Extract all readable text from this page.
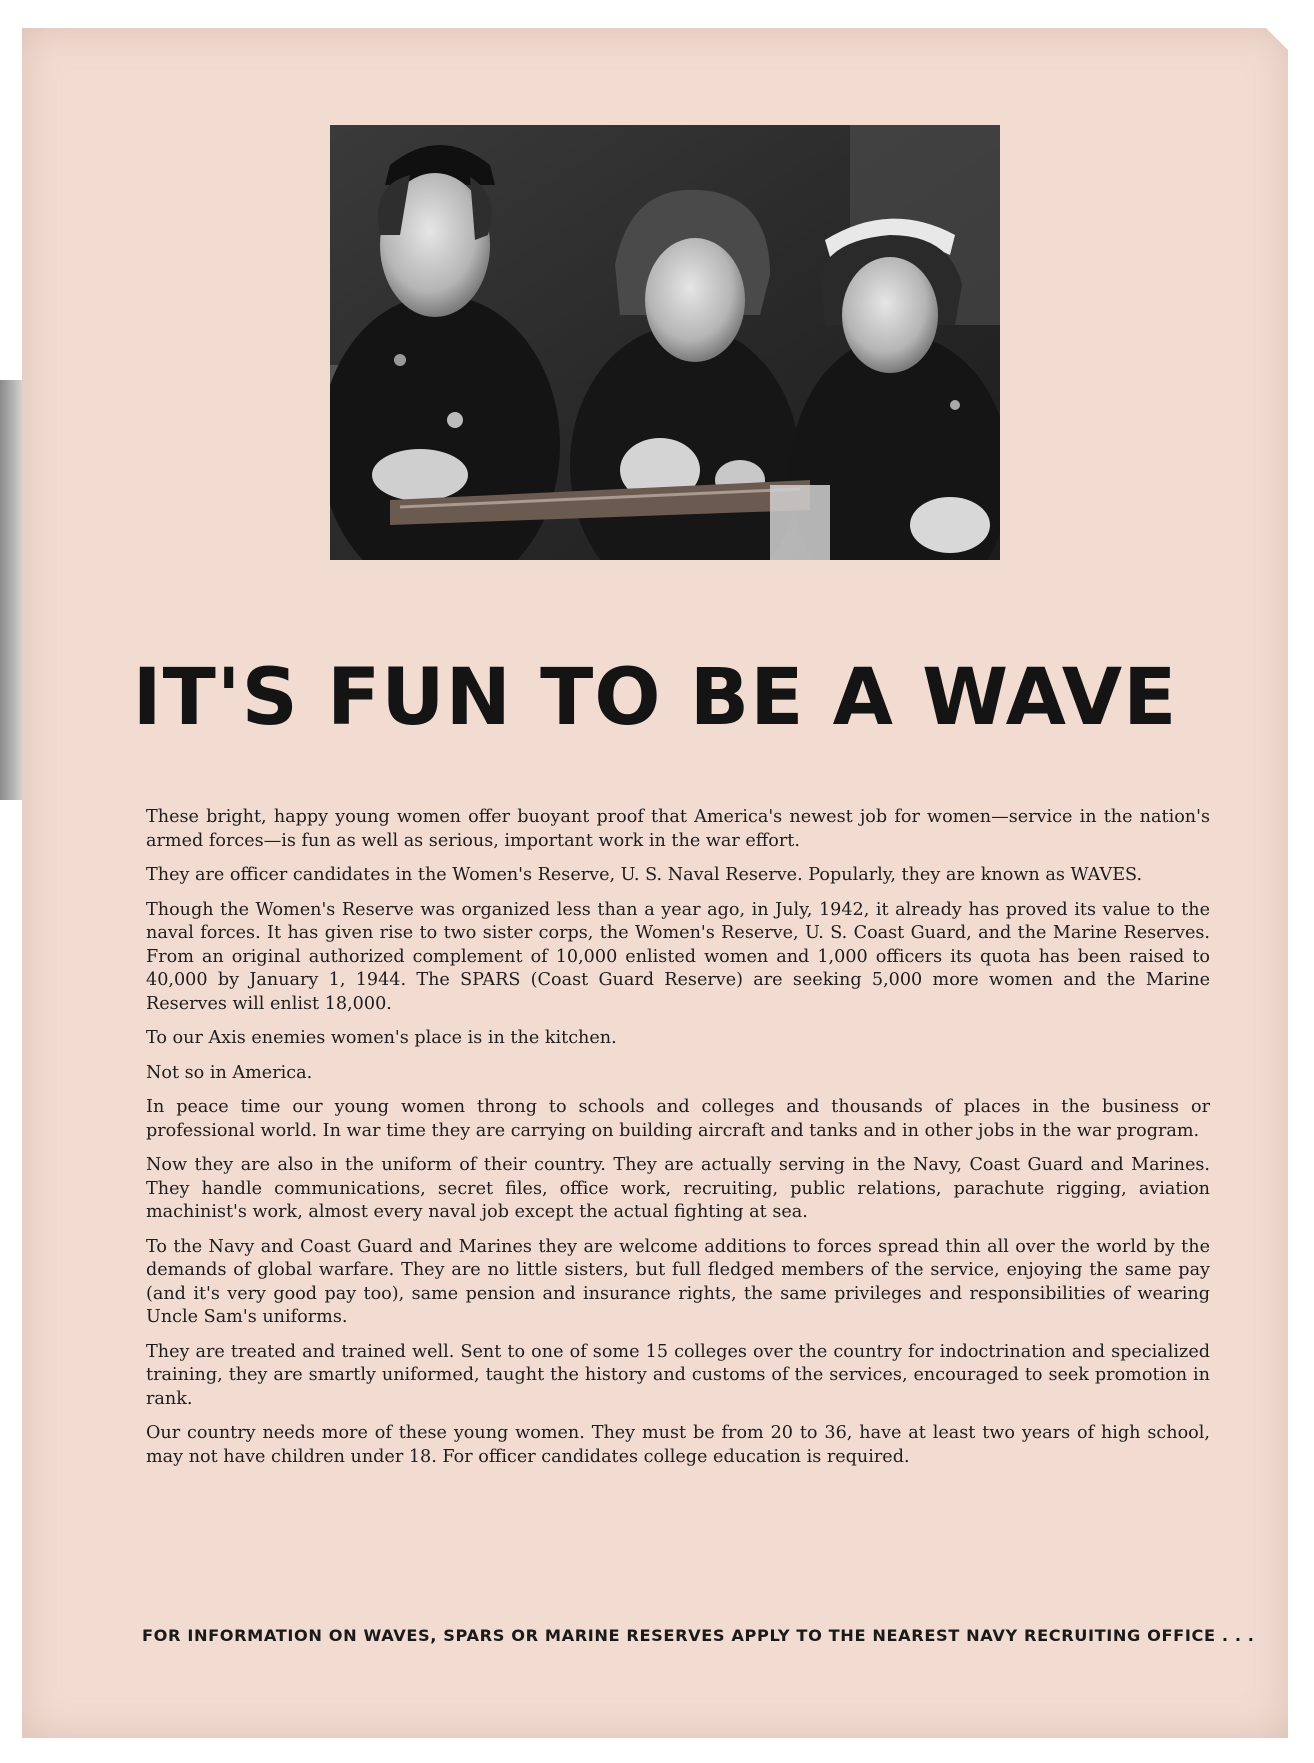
IT'S FUN TO BE A WAVE

These bright, happy young women offer buoyant proof that America's newest job for women—service in the nation's armed forces—is fun as well as serious, important work in the war effort.

They are officer candidates in the Women's Reserve, U. S. Naval Reserve. Popularly, they are known as WAVES.

Though the Women's Reserve was organized less than a year ago, in July, 1942, it already has proved its value to the naval forces. It has given rise to two sister corps, the Women's Reserve, U. S. Coast Guard, and the Marine Reserves. From an original authorized complement of 10,000 enlisted women and 1,000 officers its quota has been raised to 40,000 by January 1, 1944. The SPARS (Coast Guard Reserve) are seeking 5,000 more women and the Marine Reserves will enlist 18,000.

To our Axis enemies women's place is in the kitchen.

Not so in America.

In peace time our young women throng to schools and colleges and thousands of places in the business or professional world. In war time they are carrying on building aircraft and tanks and in other jobs in the war program.

Now they are also in the uniform of their country. They are actually serving in the Navy, Coast Guard and Marines. They handle communications, secret files, office work, recruiting, public relations, parachute rigging, aviation machinist's work, almost every naval job except the actual fighting at sea.

To the Navy and Coast Guard and Marines they are welcome additions to forces spread thin all over the world by the demands of global warfare. They are no little sisters, but full fledged members of the service, enjoying the same pay (and it's very good pay too), same pension and insurance rights, the same privileges and responsibilities of wearing Uncle Sam's uniforms.

They are treated and trained well. Sent to one of some 15 colleges over the country for indoctrination and specialized training, they are smartly uniformed, taught the history and customs of the services, encouraged to seek promotion in rank.

Our country needs more of these young women. They must be from 20 to 36, have at least two years of high school, may not have children under 18. For officer candidates college education is required.

FOR INFORMATION ON WAVES, SPARS OR MARINE RESERVES APPLY TO THE NEAREST NAVY RECRUITING OFFICE . . .
